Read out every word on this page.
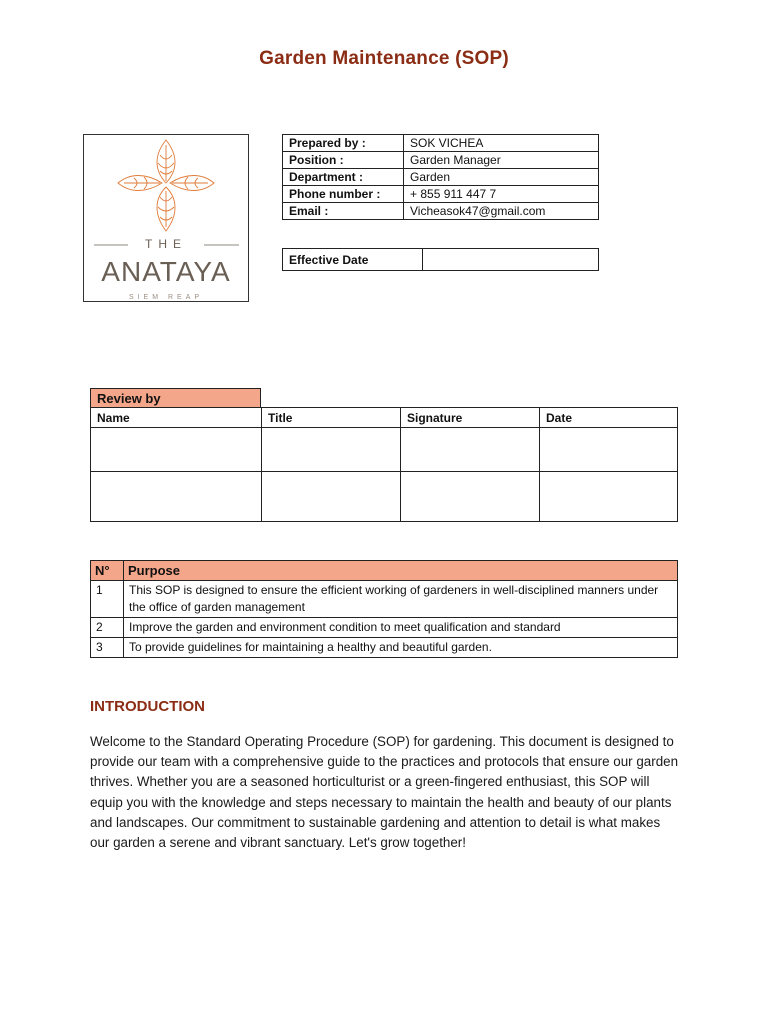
Garden Maintenance (SOP)
THE
ANATAYA
SIEM REAP
Prepared by :	SOK VICHEA
Position :	Garden Manager
Department :	Garden
Phone number :	+ 855 911 447 7
Email :	Vicheasok47@gmail.com
Effective Date	
Review by
Name	Title	Signature	Date

N°	Purpose
1	This SOP is designed to ensure the efficient working of gardeners in well-disciplined manners under the office of garden management
2	Improve the garden and environment condition to meet qualification and standard
3	To provide guidelines for maintaining a healthy and beautiful garden.
INTRODUCTION
Welcome to the Standard Operating Procedure (SOP) for gardening. This document is designed to provide our team with a comprehensive guide to the practices and protocols that ensure our garden thrives. Whether you are a seasoned horticulturist or a green-fingered enthusiast, this SOP will equip you with the knowledge and steps necessary to maintain the health and beauty of our plants and landscapes. Our commitment to sustainable gardening and attention to detail is what makes our garden a serene and vibrant sanctuary. Let's grow together!
